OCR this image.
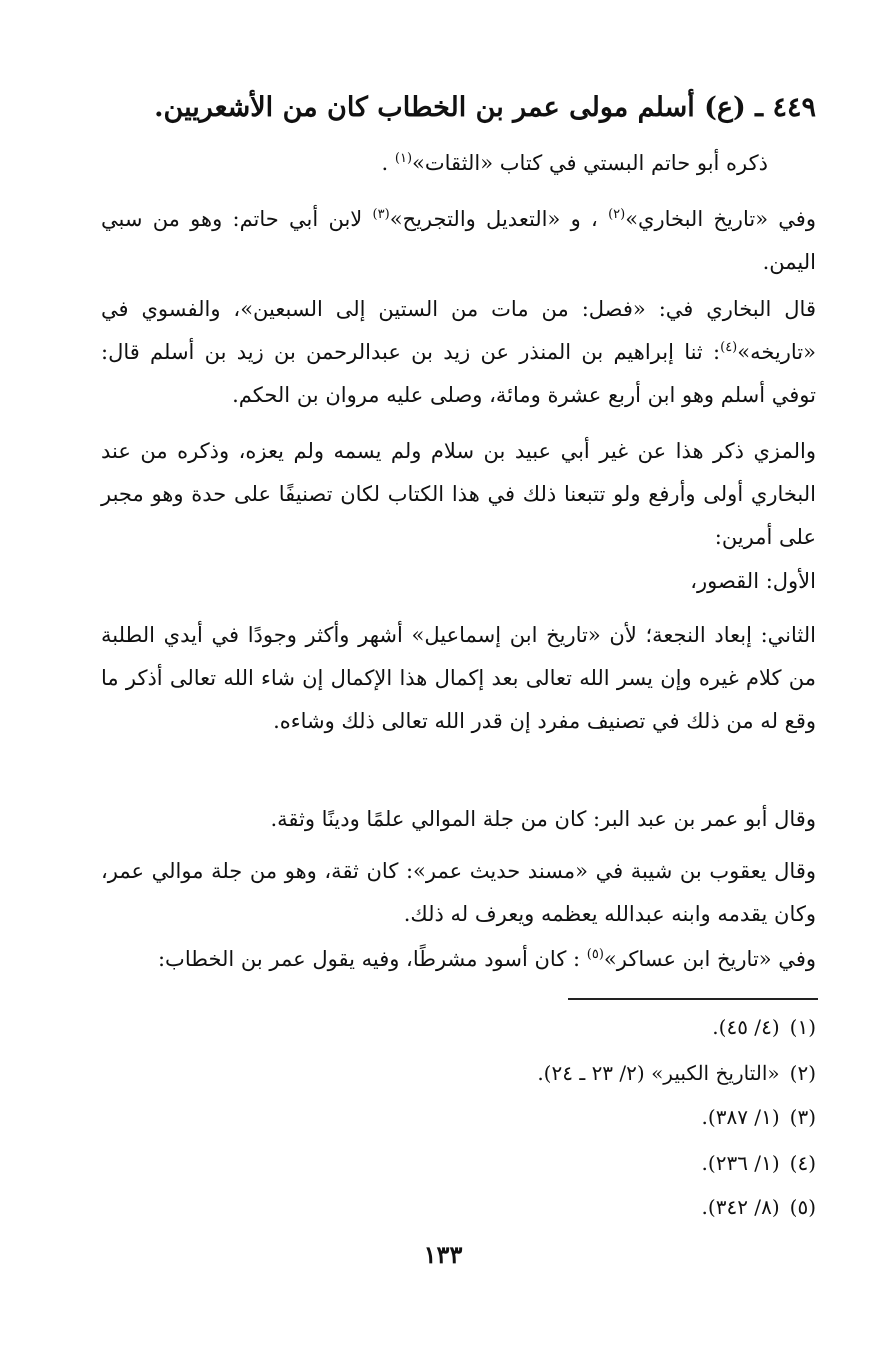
٤٤٩ ـ (ع) أسلم مولى عمر بن الخطاب كان من الأشعريين.
ذكره أبو حاتم البستي في كتاب «الثقات»$^{(١)}$ .
وفي «تاريخ البخاري»$^{(٢)}$ ، و «التعديل والتجريح»$^{(٣)}$ لابن أبي حاتم: وهو من سبي اليمن.
قال البخاري في: «فصل: من مات من الستين إلى السبعين»، والفسوي في «تاريخه»$^{(٤)}$: ثنا إبراهيم بن المنذر عن زيد بن عبدالرحمن بن زيد بن أسلم قال: توفي أسلم وهو ابن أربع عشرة ومائة، وصلى عليه مروان بن الحكم.
والمزي ذكر هذا عن غير أبي عبيد بن سلام ولم يسمه ولم يعزه، وذكره من عند البخاري أولى وأرفع ولو تتبعنا ذلك في هذا الكتاب لكان تصنيفًا على حدة وهو مجبر على أمرين:
الأول: القصور،
الثاني: إبعاد النجعة؛ لأن «تاريخ ابن إسماعيل» أشهر وأكثر وجودًا في أيدي الطلبة من كلام غيره وإن يسر الله تعالى بعد إكمال هذا الإكمال إن شاء الله تعالى أذكر ما وقع له من ذلك في تصنيف مفرد إن قدر الله تعالى ذلك وشاءه.
وقال أبو عمر بن عبد البر: كان من جلة الموالي علمًا ودينًا وثقة.
وقال يعقوب بن شيبة في «مسند حديث عمر»: كان ثقة، وهو من جلة موالي عمر، وكان يقدمه وابنه عبدالله يعظمه ويعرف له ذلك.
وفي «تاريخ ابن عساكر»$^{(٥)}$ : كان أسود مشرطًا، وفيه يقول عمر بن الخطاب:
(١)(٤/ ٤٥).
(٢)«التاريخ الكبير» (٢/ ٢٣ ـ ٢٤).
(٣)(١/ ٣٨٧).
(٤)(١/ ٢٣٦).
(٥)(٨/ ٣٤٢).
١٣٣
